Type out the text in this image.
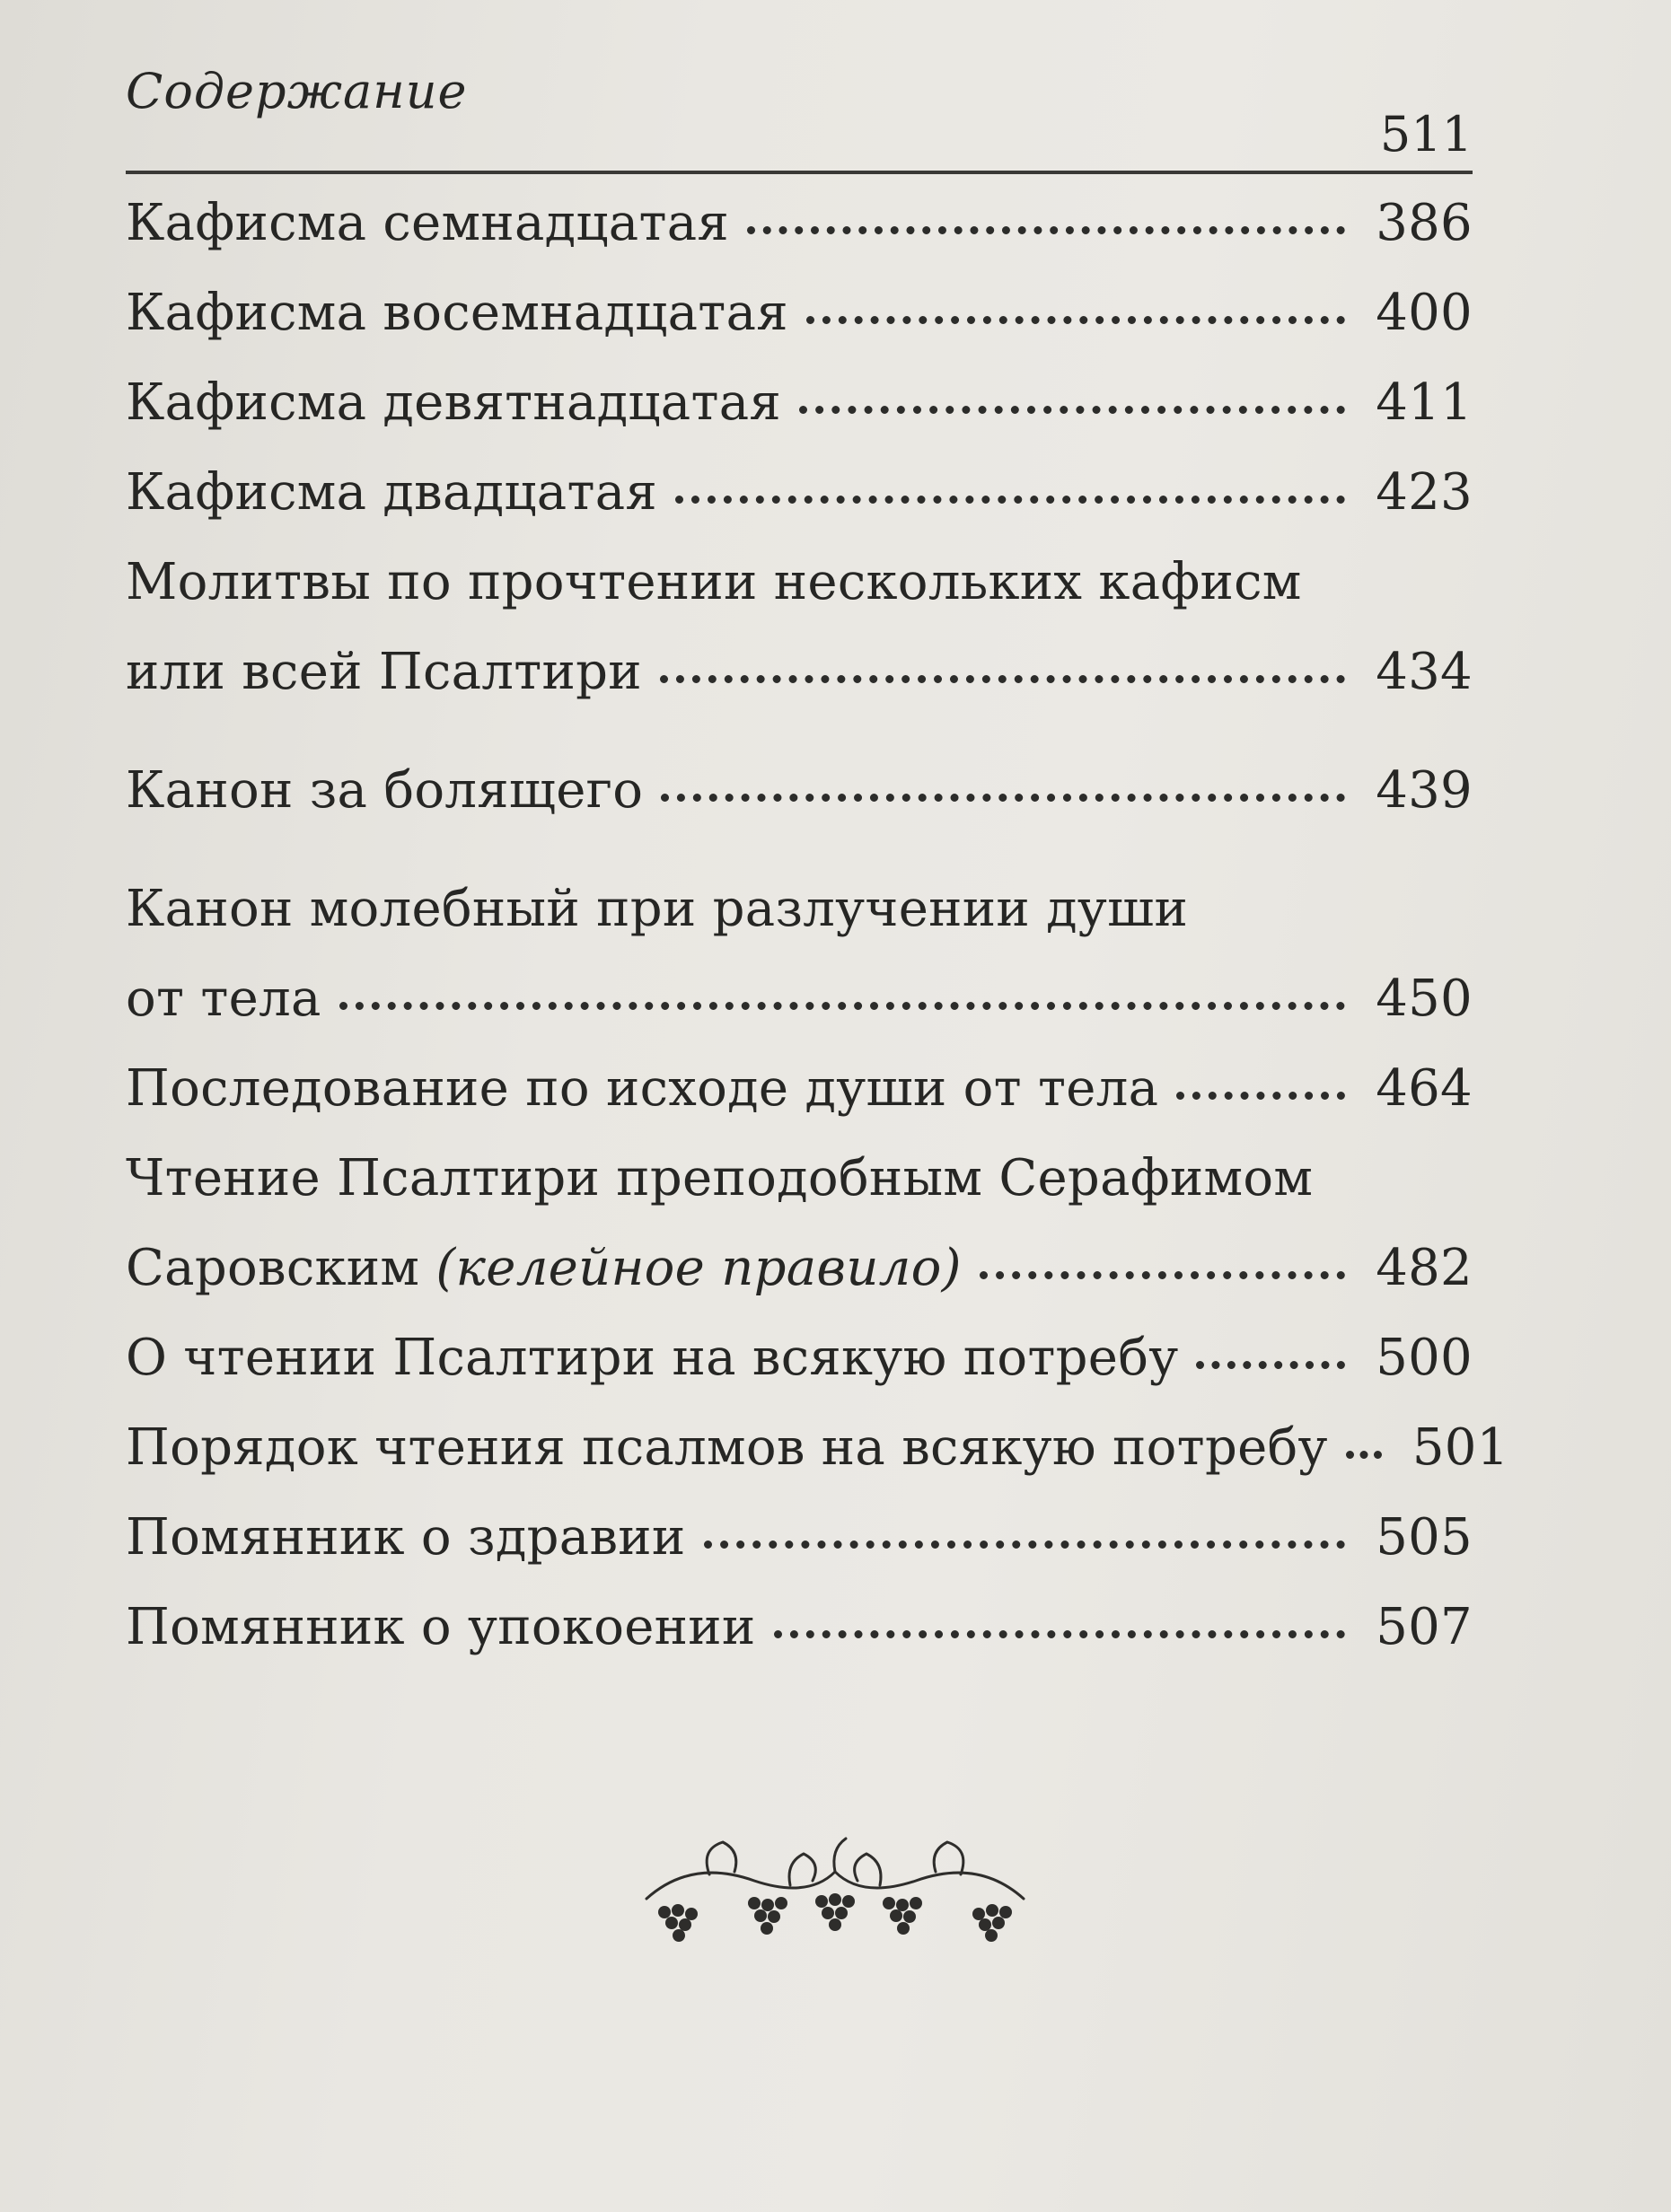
Содержание
511
Кафисма семнадцатая	386
Кафисма восемнадцатая	400
Кафисма девятнадцатая	411
Кафисма двадцатая	423
Молитвы по прочтении нескольких кафисм
или всей Псалтири	434
Канон за болящего	439
Канон молебный при разлучении души
от тела	450
Последование по исходе души от тела	464
Чтение Псалтири преподобным Серафимом
Саровским (келейное правило)	482
О чтении Псалтири на всякую потребу	500
Порядок чтения псалмов на всякую потребу 501
Помянник о здравии	505
Помянник о упокоении	507
